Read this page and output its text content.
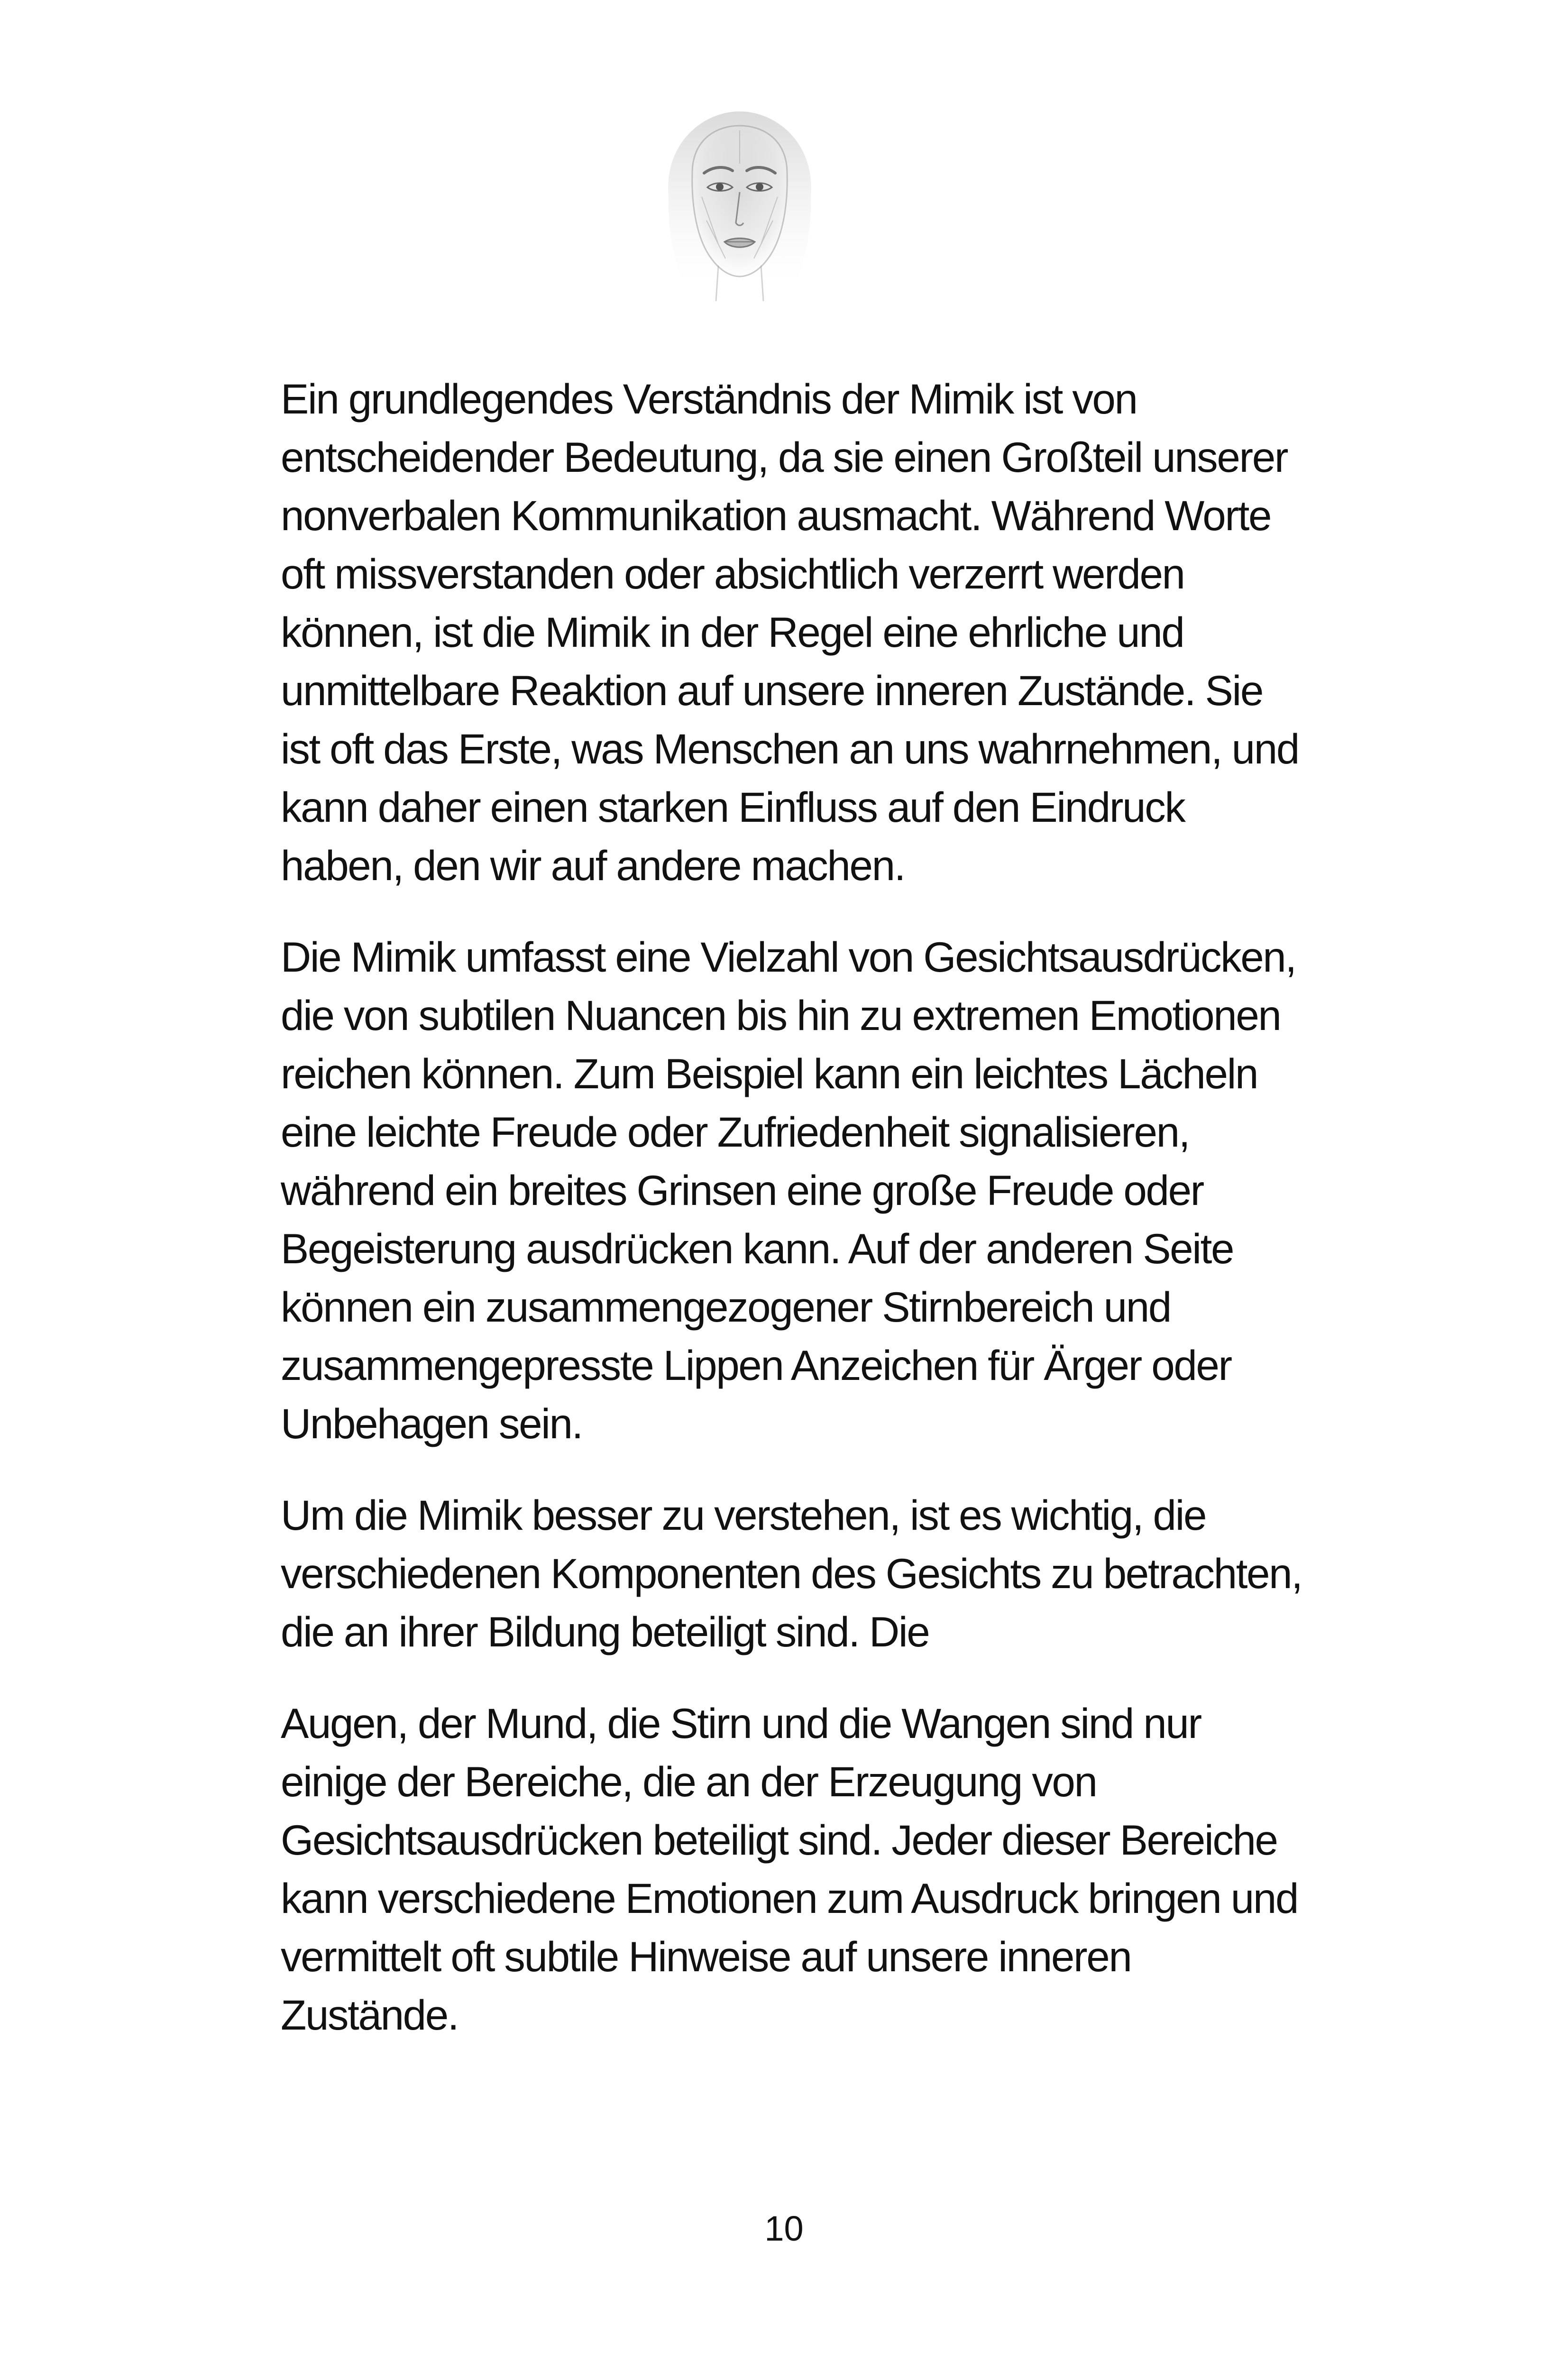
Ein grundlegendes Verständnis der Mimik ist von entscheidender Bedeutung, da sie einen Großteil unserer nonverbalen Kommunikation ausmacht. Während Worte oft missverstanden oder absichtlich verzerrt werden können, ist die Mimik in der Regel eine ehrliche und unmittelbare Reaktion auf unsere inneren Zustände. Sie ist oft das Erste, was Menschen an uns wahrnehmen, und kann daher einen starken Einfluss auf den Eindruck haben, den wir auf andere machen.

Die Mimik umfasst eine Vielzahl von Gesichtsausdrücken, die von subtilen Nuancen bis hin zu extremen Emotionen reichen können. Zum Beispiel kann ein leichtes Lächeln eine leichte Freude oder Zufriedenheit signalisieren, während ein breites Grinsen eine große Freude oder Begeisterung ausdrücken kann. Auf der anderen Seite können ein zusammengezogener Stirnbereich und zusammengepresste Lippen Anzeichen für Ärger oder Unbehagen sein.

Um die Mimik besser zu verstehen, ist es wichtig, die verschiedenen Komponenten des Gesichts zu betrachten, die an ihrer Bildung beteiligt sind. Die

Augen, der Mund, die Stirn und die Wangen sind nur einige der Bereiche, die an der Erzeugung von Gesichtsausdrücken beteiligt sind. Jeder dieser Bereiche kann verschiedene Emotionen zum Ausdruck bringen und vermittelt oft subtile Hinweise auf unsere inneren Zustände.

10
